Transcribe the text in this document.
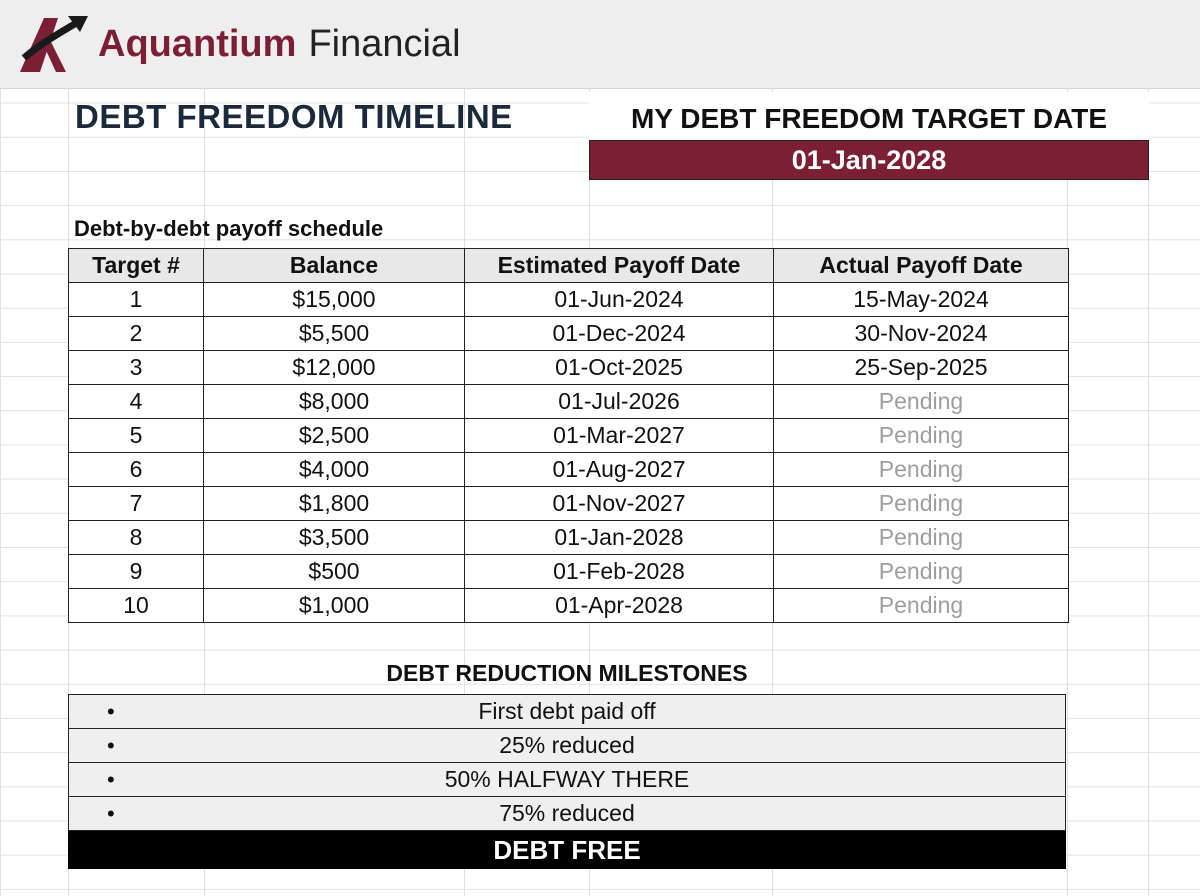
Aquantium Financial
DEBT FREEDOM TIMELINE	MY DEBT FREEDOM TARGET DATE
01-Jan-2028
Debt-by-debt payoff schedule
Target #	Balance	Estimated Payoff Date	Actual Payoff Date
1	$15,000	01-Jun-2024	15-May-2024
2	$5,500	01-Dec-2024	30-Nov-2024
3	$12,000	01-Oct-2025	25-Sep-2025
4	$8,000	01-Jul-2026	Pending
5	$2,500	01-Mar-2027	Pending
6	$4,000	01-Aug-2027	Pending
7	$1,800	01-Nov-2027	Pending
8	$3,500	01-Jan-2028	Pending
9	$500	01-Feb-2028	Pending
10	$1,000	01-Apr-2028	Pending
DEBT REDUCTION MILESTONES
•	First debt paid off
•	25% reduced
•	50% HALFWAY THERE
•	75% reduced
DEBT FREE
